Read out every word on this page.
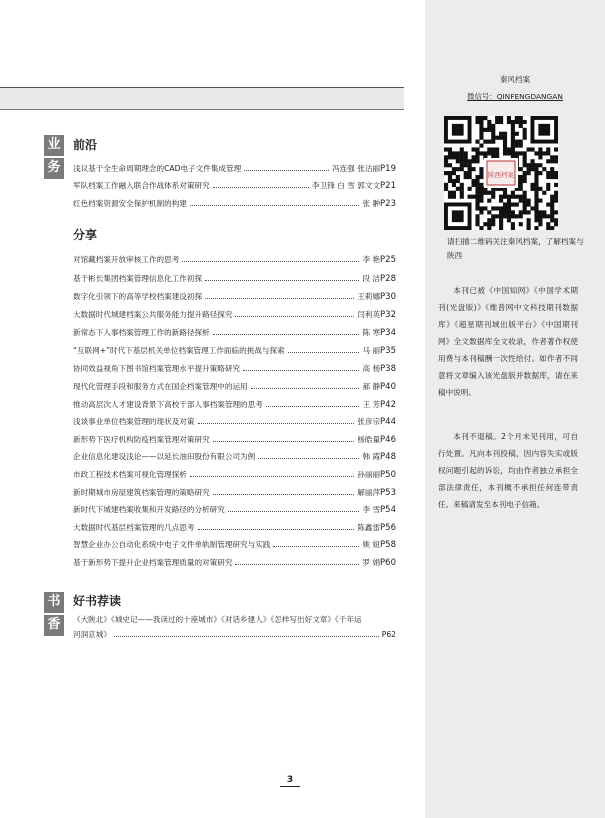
业
务
前沿
浅议基于全生命周期理念的CAD电子文件集成管理	冯连强 张沽丽 P19
军队档案工作融入联合作战体系对策研究	李卫锋 白 雪 郭文文 P21
红色档案资源安全保护机制的构建	张 翀 P23
分享
对馆藏档案开放审核工作的思考	李 艳 P25
基于彬长集团档案管理信息化工作初探	段 洁 P28
数字化引领下的高等学校档案建设初探	王莉娜 P30
大数据时代城建档案公共服务能力提升路径探究	闫利英 P32
新常态下人事档案管理工作的新路径探析	陈 寒 P34
“互联网+”时代下基层机关单位档案管理工作面临的挑战与探索	马 丽 P35
协同效益视角下图书馆档案管理水平提升策略研究	高 杨 P38
现代化管理手段和服务方式在国企档案管理中的运用	郝 静 P40
推动高层次人才建设背景下高校干部人事档案管理的思考	王 芳 P42
浅谈事业单位档案管理的现状及对策	张彦宗 P44
新形势下医疗机构防疫档案管理对策研究	杨皓量 P46
企业信息化建设浅论——以延长油田股份有限公司为例	韩 霞 P48
市政工程技术档案可视化管理探析	孙丽丽 P50
新时期城市房屋建筑档案管理的策略研究	解丽萍 P53
新时代下城建档案收集和开发路径的分析研究	李 雪 P54
大数据时代基层档案管理的几点思考	陈鑫雷 P56
智慧企业办公自动化系统中电子文件单轨制管理研究与实践	姚 妞 P58
基于新形势下提升企业档案管理质量的对策研究	罗 娟 P60
书
香
好书荐读
《大陕北》《城史记——我读过的十座城市》《对话乡建人》《怎样写出好文章》《千年运
河润京城》	P62
秦风档案
微信号：QINFENGDANGAN
陕西档案
请扫描二维码关注秦风档案，了解档案与陕西

本刊已被《中国知网》《中国学术期刊(光盘版)》《维普网中文科技期刊数据库》《超星期刊域出版平台》《中国期刊网》全文数据库全文收录，作者著作权使用费与本刊稿酬一次性给付。如作者不同意将文章编入该光盘版并数据库，请在来稿中说明。

本刊不退稿。2个月未见刊用，可自行处置。凡向本刊投稿，因内容失实或版权问题引起的诉讼，均由作者独立承担全部法律责任，本刊概不承担任何连带责任。来稿请发至本刊电子信箱。

3
